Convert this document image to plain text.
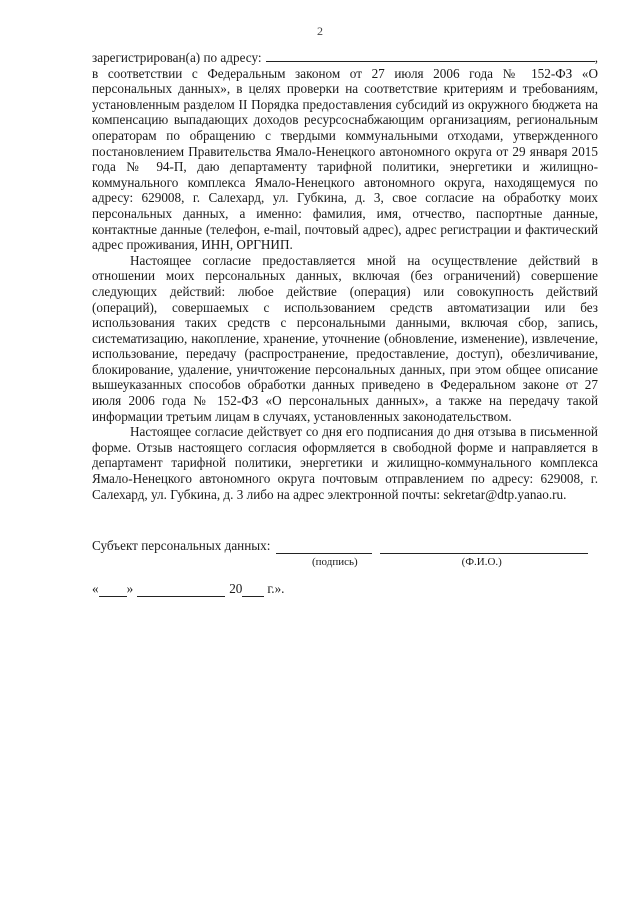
2
зарегистрирован(а) по адресу:	,

в соответствии с Федеральным законом от 27 июля 2006 года № 152-ФЗ «О персональных данных», в целях проверки на соответствие критериям и требованиям, установленным разделом II Порядка предоставления субсидий из окружного бюджета на компенсацию выпадающих доходов ресурсоснабжающим организациям, региональным операторам по обращению с твердыми коммунальными отходами, утвержденного постановлением Правительства Ямало-Ненецкого автономного округа от 29 января 2015 года № 94-П, даю департаменту тарифной политики, энергетики и жилищно-коммунального комплекса Ямало-Ненецкого автономного округа, находящемуся по адресу: 629008, г. Салехард, ул. Губкина, д. 3, свое согласие на обработку моих персональных данных, а именно: фамилия, имя, отчество, паспортные данные, контактные данные (телефон, e-mail, почтовый адрес), адрес регистрации и фактический адрес проживания, ИНН, ОРГНИП.

Настоящее согласие предоставляется мной на осуществление действий в отношении моих персональных данных, включая (без ограничений) совершение следующих действий: любое действие (операция) или совокупность действий (операций), совершаемых с использованием средств автоматизации или без использования таких средств с персональными данными, включая сбор, запись, систематизацию, накопление, хранение, уточнение (обновление, изменение), извлечение, использование, передачу (распространение, предоставление, доступ), обезличивание, блокирование, удаление, уничтожение персональных данных, при этом общее описание вышеуказанных способов обработки данных приведено в Федеральном законе от 27 июля 2006 года № 152-ФЗ «О персональных данных», а также на передачу такой информации третьим лицам в случаях, установленных законодательством.

Настоящее согласие действует со дня его подписания до дня отзыва в письменной форме. Отзыв настоящего согласия оформляется в свободной форме и направляется в департамент тарифной политики, энергетики и жилищно-коммунального комплекса Ямало-Ненецкого автономного округа почтовым отправлением по адресу: 629008, г. Салехард, ул. Губкина, д. 3 либо на адрес электронной почты: sekretar@dtp.yanao.ru.

Субъект персональных данных:
(подпись)	(Ф.И.О.)
« »	20 г.».
